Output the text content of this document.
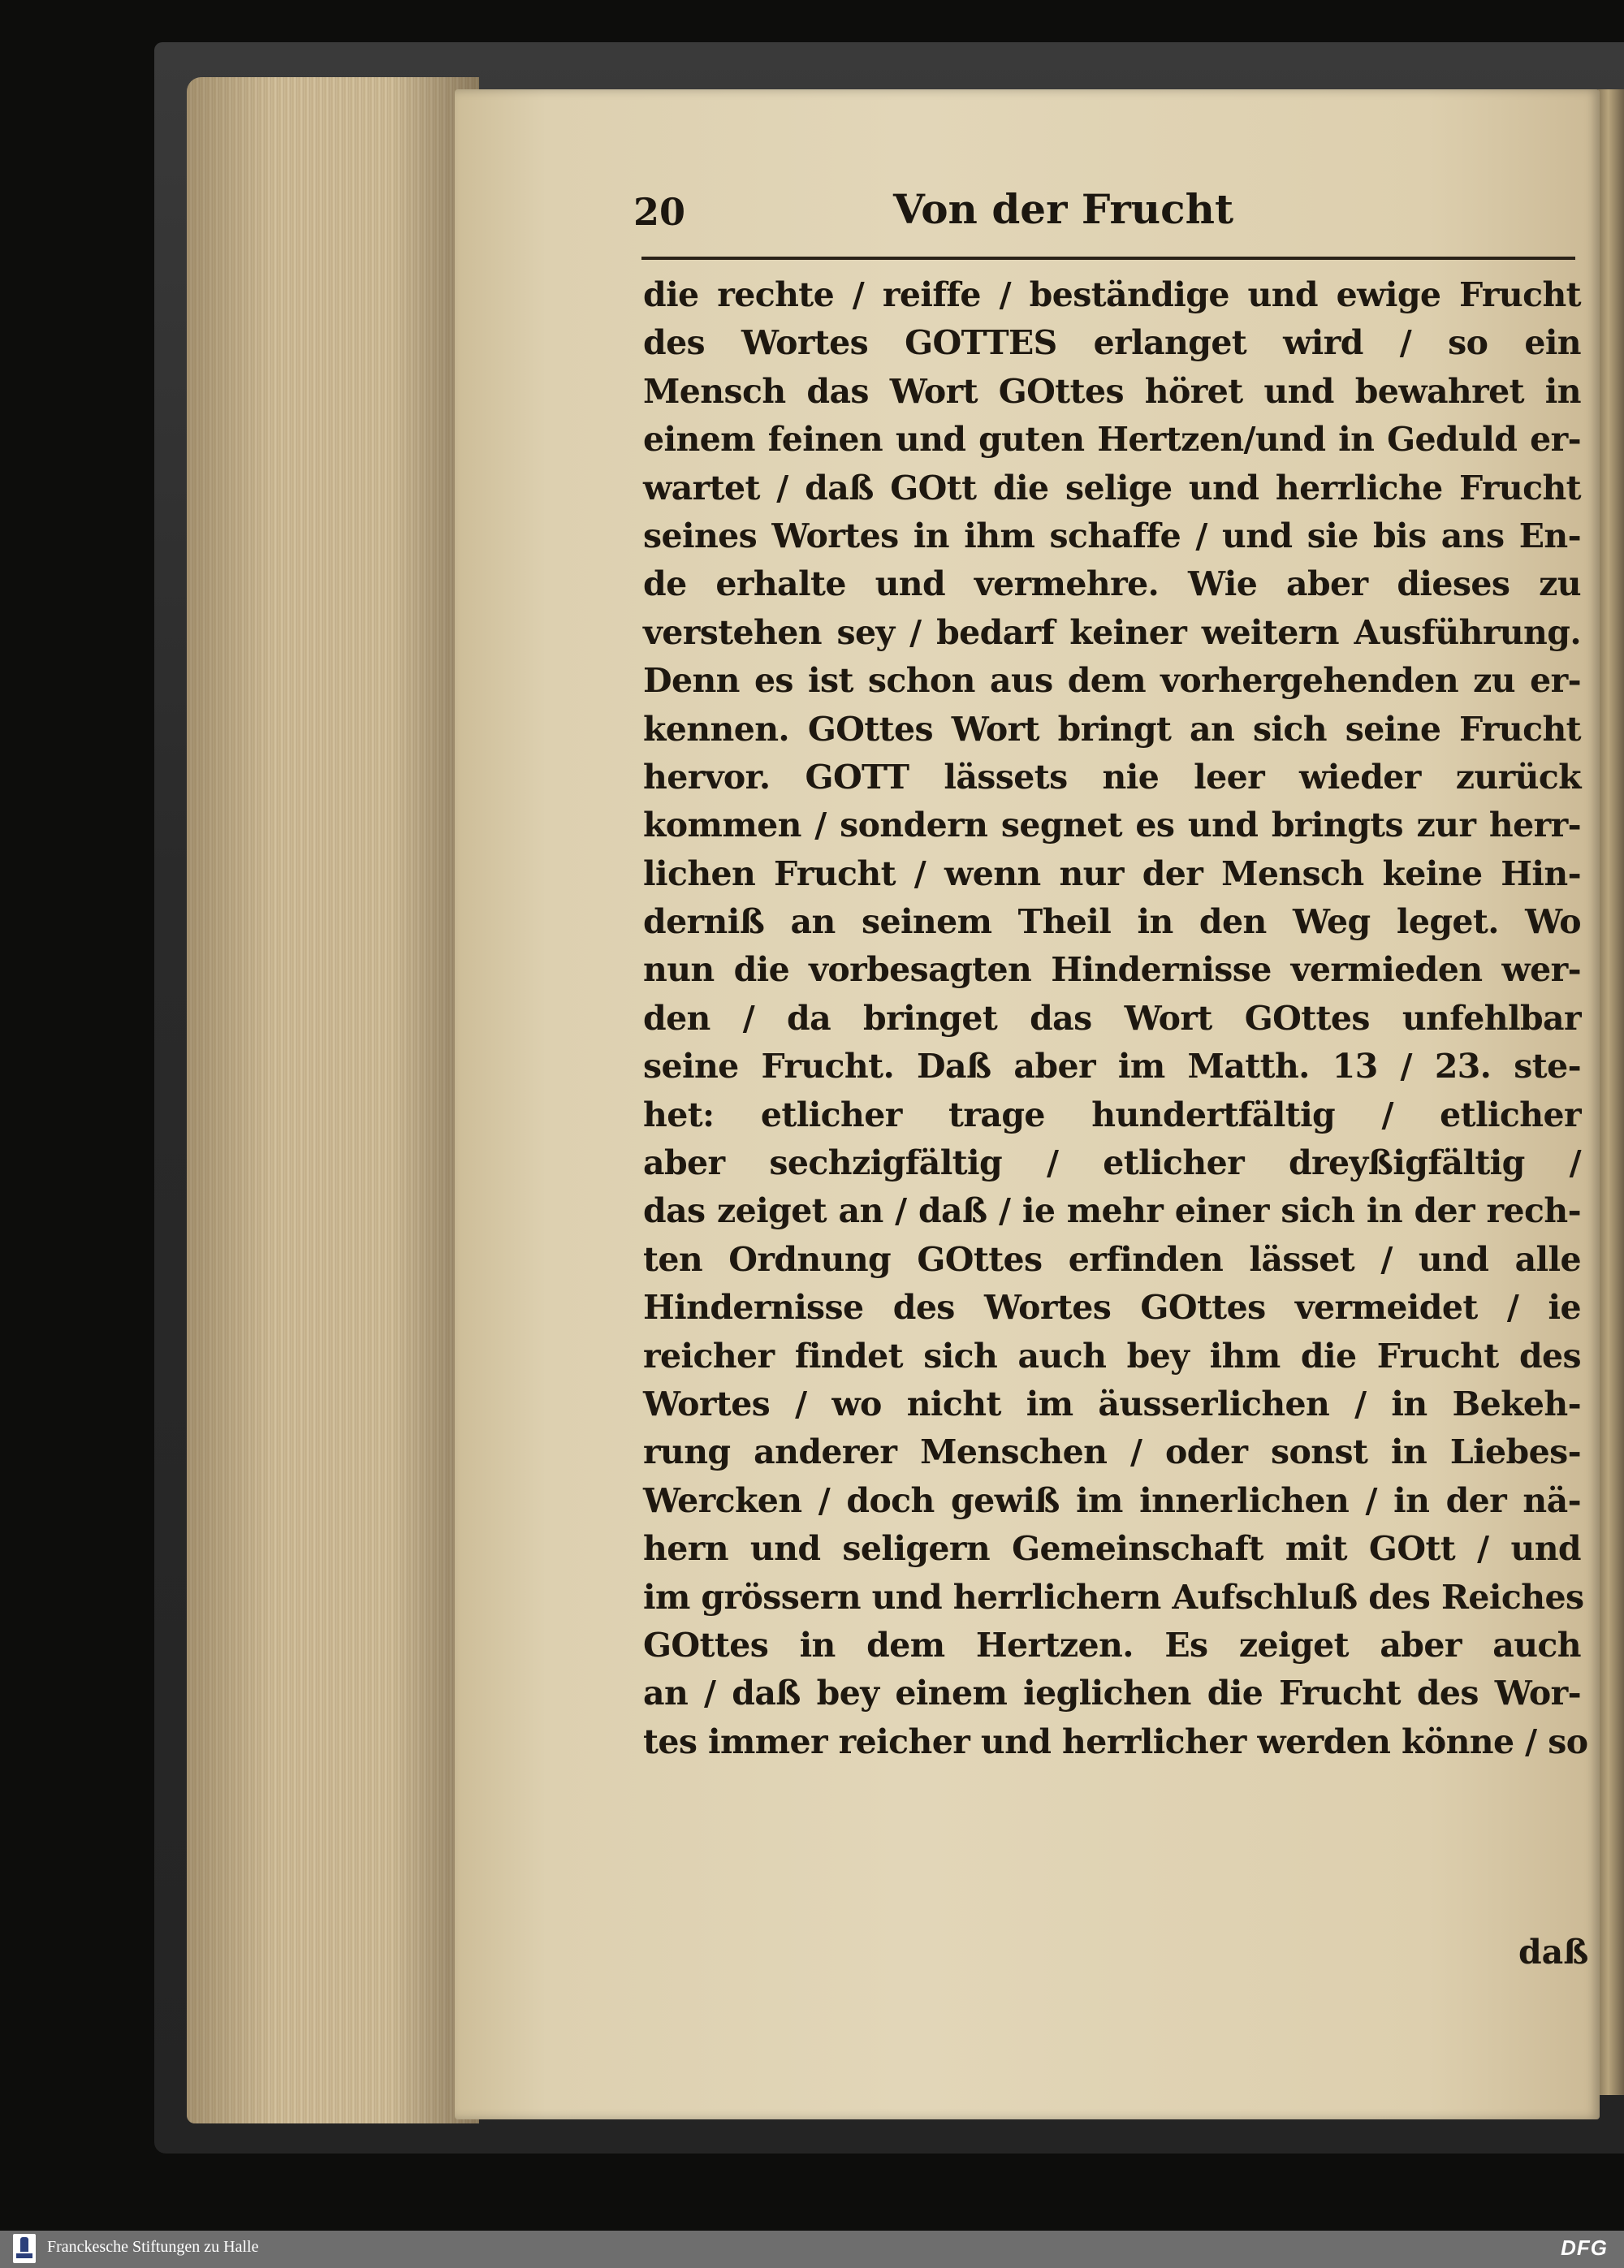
20	Von der Frucht
die rechte / reiffe / beständige und ewige Frucht
des Wortes GOTTES erlanget wird / so ein
Mensch das Wort GOttes höret und bewahret in
einem feinen und guten Hertzen/und in Geduld er-
wartet / daß GOtt die selige und herrliche Frucht
seines Wortes in ihm schaffe / und sie bis ans En-
de erhalte und vermehre. Wie aber dieses zu
verstehen sey / bedarf keiner weitern Ausführung.
Denn es ist schon aus dem vorhergehenden zu er-
kennen. GOttes Wort bringt an sich seine Frucht
hervor. GOTT lässets nie leer wieder zurück
kommen / sondern segnet es und bringts zur herr-
lichen Frucht / wenn nur der Mensch keine Hin-
derniß an seinem Theil in den Weg leget. Wo
nun die vorbesagten Hindernisse vermieden wer-
den / da bringet das Wort GOttes unfehlbar
seine Frucht. Daß aber im Matth. 13 / 23. ste-
het: etlicher trage hundertfältig / etlicher
aber sechzigfältig / etlicher dreyßigfältig /
das zeiget an / daß / ie mehr einer sich in der rech-
ten Ordnung GOttes erfinden lässet / und alle
Hindernisse des Wortes GOttes vermeidet / ie
reicher findet sich auch bey ihm die Frucht des
Wortes / wo nicht im äusserlichen / in Bekeh-
rung anderer Menschen / oder sonst in Liebes-
Wercken / doch gewiß im innerlichen / in der nä-
hern und seligern Gemeinschaft mit GOtt / und
im grössern und herrlichern Aufschluß des Reiches
GOttes in dem Hertzen. Es zeiget aber auch
an / daß bey einem ieglichen die Frucht des Wor-
tes immer reicher und herrlicher werden könne / so
daß
Franckesche Stiftungen zu Halle	DFG
